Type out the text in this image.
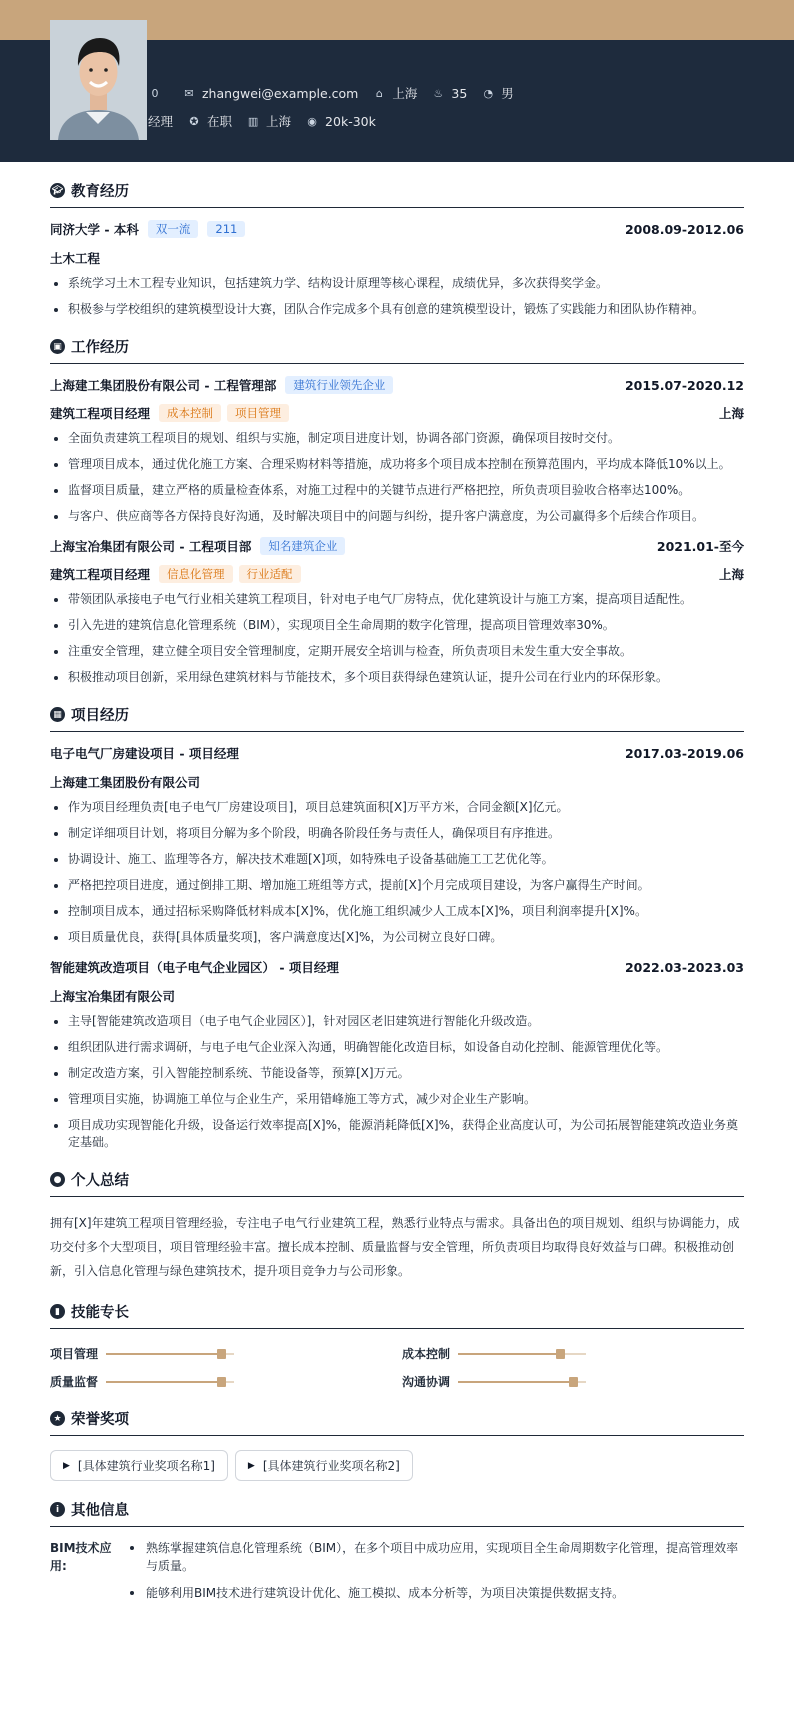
0	✉ zhangwei@example.com	⌂ 上海 ♨ 35 ◔ 男
经理 ✪ 在职 ▥ 上海 ◉ 20k-30k
🎓︎ 教育经历
同济大学 - 本科	双一流	211	2008.09-2012.06
土木工程
系统学习土木工程专业知识，包括建筑力学、结构设计原理等核心课程，成绩优异，多次获得奖学金。
积极参与学校组织的建筑模型设计大赛，团队合作完成多个具有创意的建筑模型设计，锻炼了实践能力和团队协作精神。
▣ 工作经历
上海建工集团股份有限公司 - 工程管理部	建筑行业领先企业	2015.07-2020.12
建筑工程项目经理	成本控制	项目管理	上海
全面负责建筑工程项目的规划、组织与实施，制定项目进度计划，协调各部门资源，确保项目按时交付。
管理项目成本，通过优化施工方案、合理采购材料等措施，成功将多个项目成本控制在预算范围内，平均成本降低10%以上。
监督项目质量，建立严格的质量检查体系，对施工过程中的关键节点进行严格把控，所负责项目验收合格率达100%。
与客户、供应商等各方保持良好沟通，及时解决项目中的问题与纠纷，提升客户满意度，为公司赢得多个后续合作项目。
上海宝冶集团有限公司 - 工程项目部	知名建筑企业	2021.01-至今
建筑工程项目经理	信息化管理	行业适配	上海
带领团队承接电子电气行业相关建筑工程项目，针对电子电气厂房特点，优化建筑设计与施工方案，提高项目适配性。
引入先进的建筑信息化管理系统（BIM），实现项目全生命周期的数字化管理，提高项目管理效率30%。
注重安全管理，建立健全项目安全管理制度，定期开展安全培训与检查，所负责项目未发生重大安全事故。
积极推动项目创新，采用绿色建筑材料与节能技术，多个项目获得绿色建筑认证，提升公司在行业内的环保形象。
▦ 项目经历
电子电气厂房建设项目 - 项目经理	2017.03-2019.06
上海建工集团股份有限公司
作为项目经理负责[电子电气厂房建设项目]，项目总建筑面积[X]万平方米，合同金额[X]亿元。
制定详细项目计划，将项目分解为多个阶段，明确各阶段任务与责任人，确保项目有序推进。
协调设计、施工、监理等各方，解决技术难题[X]项，如特殊电子设备基础施工工艺优化等。
严格把控项目进度，通过倒排工期、增加施工班组等方式，提前[X]个月完成项目建设，为客户赢得生产时间。
控制项目成本，通过招标采购降低材料成本[X]%，优化施工组织减少人工成本[X]%，项目利润率提升[X]%。
项目质量优良，获得[具体质量奖项]，客户满意度达[X]%，为公司树立良好口碑。
智能建筑改造项目（电子电气企业园区） - 项目经理	2022.03-2023.03
上海宝冶集团有限公司
主导[智能建筑改造项目（电子电气企业园区）]，针对园区老旧建筑进行智能化升级改造。
组织团队进行需求调研，与电子电气企业深入沟通，明确智能化改造目标，如设备自动化控制、能源管理优化等。
制定改造方案，引入智能控制系统、节能设备等，预算[X]万元。
管理项目实施，协调施工单位与企业生产，采用错峰施工等方式，减少对企业生产影响。
项目成功实现智能化升级，设备运行效率提高[X]%，能源消耗降低[X]%，获得企业高度认可，为公司拓展智能建筑改造业务奠定基础。
● 个人总结
拥有[X]年建筑工程项目管理经验，专注电子电气行业建筑工程，熟悉行业特点与需求。具备出色的项目规划、组织与协调能力，成功交付多个大型项目，项目管理经验丰富。擅长成本控制、质量监督与安全管理，所负责项目均取得良好效益与口碑。积极推动创新，引入信息化管理与绿色建筑技术，提升项目竞争力与公司形象。
▮ 技能专长
项目管理	成本控制
质量监督	沟通协调
★ 荣誉奖项
▶ [具体建筑行业奖项名称1]	▶ [具体建筑行业奖项名称2]
i 其他信息
BIM技术应用:
熟练掌握建筑信息化管理系统（BIM），在多个项目中成功应用，实现项目全生命周期数字化管理，提高管理效率与质量。
能够利用BIM技术进行建筑设计优化、施工模拟、成本分析等，为项目决策提供数据支持。
